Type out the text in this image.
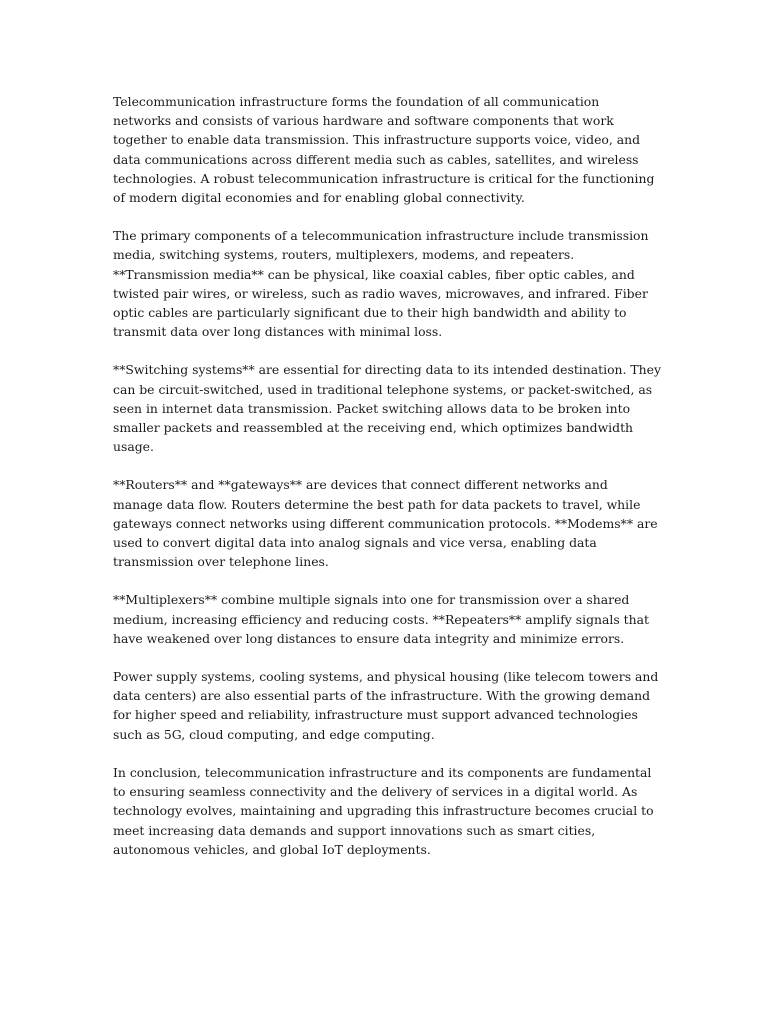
Telecommunication infrastructure forms the foundation of all communication networks and consists of various hardware and software components that work together to enable data transmission. This infrastructure supports voice, video, and data communications across different media such as cables, satellites, and wireless technologies. A robust telecommunication infrastructure is critical for the functioning of modern digital economies and for enabling global connectivity.

The primary components of a telecommunication infrastructure include transmission media, switching systems, routers, multiplexers, modems, and repeaters. **Transmission media** can be physical, like coaxial cables, fiber optic cables, and twisted pair wires, or wireless, such as radio waves, microwaves, and infrared. Fiber optic cables are particularly significant due to their high bandwidth and ability to transmit data over long distances with minimal loss.

**Switching systems** are essential for directing data to its intended destination. They can be circuit-switched, used in traditional telephone systems, or packet-switched, as seen in internet data transmission. Packet switching allows data to be broken into smaller packets and reassembled at the receiving end, which optimizes bandwidth usage.

**Routers** and **gateways** are devices that connect different networks and manage data flow. Routers determine the best path for data packets to travel, while gateways connect networks using different communication protocols. **Modems** are used to convert digital data into analog signals and vice versa, enabling data transmission over telephone lines.

**Multiplexers** combine multiple signals into one for transmission over a shared medium, increasing efficiency and reducing costs. **Repeaters** amplify signals that have weakened over long distances to ensure data integrity and minimize errors.

Power supply systems, cooling systems, and physical housing (like telecom towers and data centers) are also essential parts of the infrastructure. With the growing demand for higher speed and reliability, infrastructure must support advanced technologies such as 5G, cloud computing, and edge computing.

In conclusion, telecommunication infrastructure and its components are fundamental to ensuring seamless connectivity and the delivery of services in a digital world. As technology evolves, maintaining and upgrading this infrastructure becomes crucial to meet increasing data demands and support innovations such as smart cities, autonomous vehicles, and global IoT deployments.
